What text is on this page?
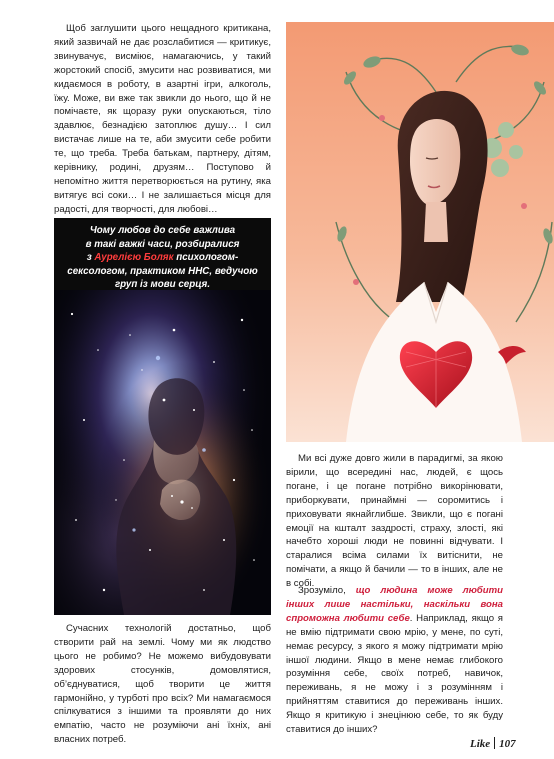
Щоб заглушити цього нещадного критикана, який зазвичай не дає розслабитися — критикує, звинувачує, висміює, намагаючись, у такий жорстокий спосіб, змусити нас розвиватися, ми кидаємося в роботу, в азартні ігри, алкоголь, їжу. Може, ви вже так звикли до нього, що й не помічаєте, як щоразу руки опускаються, тіло здавлює, безнадією затоплює душу… І сил вистачає лише на те, аби змусити себе робити те, що треба. Треба батькам, партнеру, дітям, керівнику, родині, друзям… Поступово й непомітно життя перетворюється на рутину, яка витягує всі соки… І не залишається місця для радості, для творчості, для любові…

Чому любов до себе важлива
в такі важкі часи, розбиралися
з Аурелією Боляк психологом-
сексологом, практиком ННС, ведучою
груп із мови серця.

Сучасних технологій достатньо, щоб створити рай на землі. Чому ми як людство цього не робимо? Не можемо вибудовувати здорових стосунків, домовлятися, об’єднуватися, щоб творити це життя гармонійно, у турботі про всіх? Ми намагаємося спілкуватися з іншими та проявляти до них емпатію, часто не розуміючи ані їхніх, ані власних потреб.

Ми всі дуже довго жили в парадигмі, за якою вірили, що всередині нас, людей, є щось погане, і це погане потрібно викорінювати, приборкувати, принаймні — соромитись і приховувати якнайглибше. Звикли, що є погані емоції на кшталт заздрості, страху, злості, які начебто хороші люди не повинні відчувати. І старалися всіма силами їх витіснити, не помічати, а якщо й бачили — то в інших, але не в собі.

Зрозуміло, що людина може любити інших лише настільки, наскільки вона спроможна любити себе. Наприклад, якщо я не вмію підтримати свою мрію, у мене, по суті, немає ресурсу, з якого я можу підтримати мрію іншої людини. Якщо в мене немає глибокого розуміння себе, своїх потреб, навичок, переживань, я не можу і з розумінням і прийняттям ставитися до переживань інших. Якщо я критикую і знецінюю себе, то як буду ставитися до інших?

Like 107
